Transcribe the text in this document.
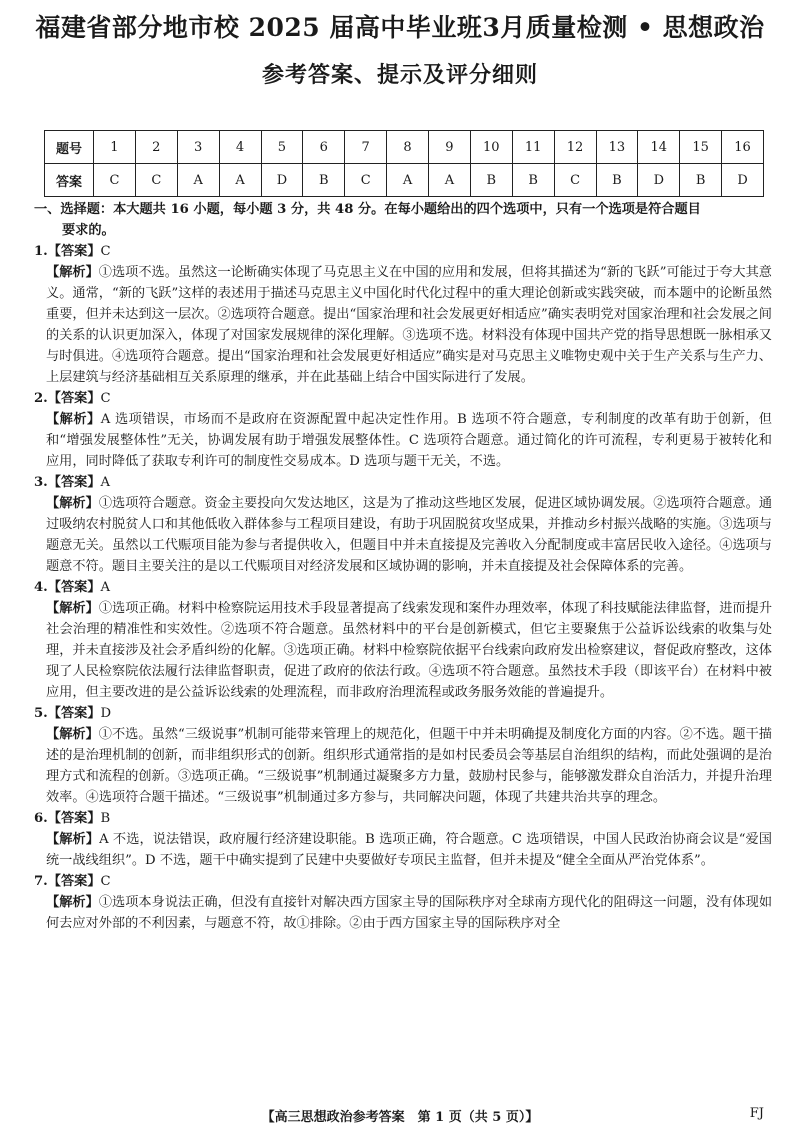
福建省部分地市校 2025 届高中毕业班3月质量检测 • 思想政治
参考答案、提示及评分细则
题号	1	2	3	4	5	6	7	8	9	10	11	12	13	14	15	16
答案	C	C	A	A	D	B	C	A	A	B	B	C	B	D	B	D

一、选择题：本大题共 16 小题，每小题 3 分，共 48 分。在每小题给出的四个选项中，只有一个选项是符合题目
要求的。

1.【答案】C

【解析】①选项不选。虽然这一论断确实体现了马克思主义在中国的应用和发展，但将其描述为“新的飞跃”可能过于夸大其意义。通常，“新的飞跃”这样的表述用于描述马克思主义中国化时代化过程中的重大理论创新或实践突破，而本题中的论断虽然重要，但并未达到这一层次。②选项符合题意。提出“国家治理和社会发展更好相适应”确实表明党对国家治理和社会发展之间的关系的认识更加深入，体现了对国家发展规律的深化理解。③选项不选。材料没有体现中国共产党的指导思想既一脉相承又与时俱进。④选项符合题意。提出“国家治理和社会发展更好相适应”确实是对马克思主义唯物史观中关于生产关系与生产力、上层建筑与经济基础相互关系原理的继承，并在此基础上结合中国实际进行了发展。

2.【答案】C

【解析】A 选项错误，市场而不是政府在资源配置中起决定性作用。B 选项不符合题意，专利制度的改革有助于创新，但和“增强发展整体性”无关，协调发展有助于增强发展整体性。C 选项符合题意。通过简化的许可流程，专利更易于被转化和应用，同时降低了获取专利许可的制度性交易成本。D 选项与题干无关，不选。

3.【答案】A

【解析】①选项符合题意。资金主要投向欠发达地区，这是为了推动这些地区发展，促进区域协调发展。②选项符合题意。通过吸纳农村脱贫人口和其他低收入群体参与工程项目建设，有助于巩固脱贫攻坚成果，并推动乡村振兴战略的实施。③选项与题意无关。虽然以工代赈项目能为参与者提供收入，但题目中并未直接提及完善收入分配制度或丰富居民收入途径。④选项与题意不符。题目主要关注的是以工代赈项目对经济发展和区域协调的影响，并未直接提及社会保障体系的完善。

4.【答案】A

【解析】①选项正确。材料中检察院运用技术手段显著提高了线索发现和案件办理效率，体现了科技赋能法律监督，进而提升社会治理的精准性和实效性。②选项不符合题意。虽然材料中的平台是创新模式，但它主要聚焦于公益诉讼线索的收集与处理，并未直接涉及社会矛盾纠纷的化解。③选项正确。材料中检察院依据平台线索向政府发出检察建议，督促政府整改，这体现了人民检察院依法履行法律监督职责，促进了政府的依法行政。④选项不符合题意。虽然技术手段（即该平台）在材料中被应用，但主要改进的是公益诉讼线索的处理流程，而非政府治理流程或政务服务效能的普遍提升。

5.【答案】D

【解析】①不选。虽然“三级说事”机制可能带来管理上的规范化，但题干中并未明确提及制度化方面的内容。②不选。题干描述的是治理机制的创新，而非组织形式的创新。组织形式通常指的是如村民委员会等基层自治组织的结构，而此处强调的是治理方式和流程的创新。③选项正确。“三级说事”机制通过凝聚多方力量，鼓励村民参与，能够激发群众自治活力，并提升治理效率。④选项符合题干描述。“三级说事”机制通过多方参与，共同解决问题，体现了共建共治共享的理念。

6.【答案】B

【解析】A 不选，说法错误，政府履行经济建设职能。B 选项正确，符合题意。C 选项错误，中国人民政治协商会议是“爱国统一战线组织”。D 不选，题干中确实提到了民建中央要做好专项民主监督，但并未提及“健全全面从严治党体系”。

7.【答案】C

【解析】①选项本身说法正确，但没有直接针对解决西方国家主导的国际秩序对全球南方现代化的阻碍这一问题，没有体现如何去应对外部的不利因素，与题意不符，故①排除。②由于西方国家主导的国际秩序对全

【高三思想政治参考答案　第 1 页（共 5 页）】	FJ
